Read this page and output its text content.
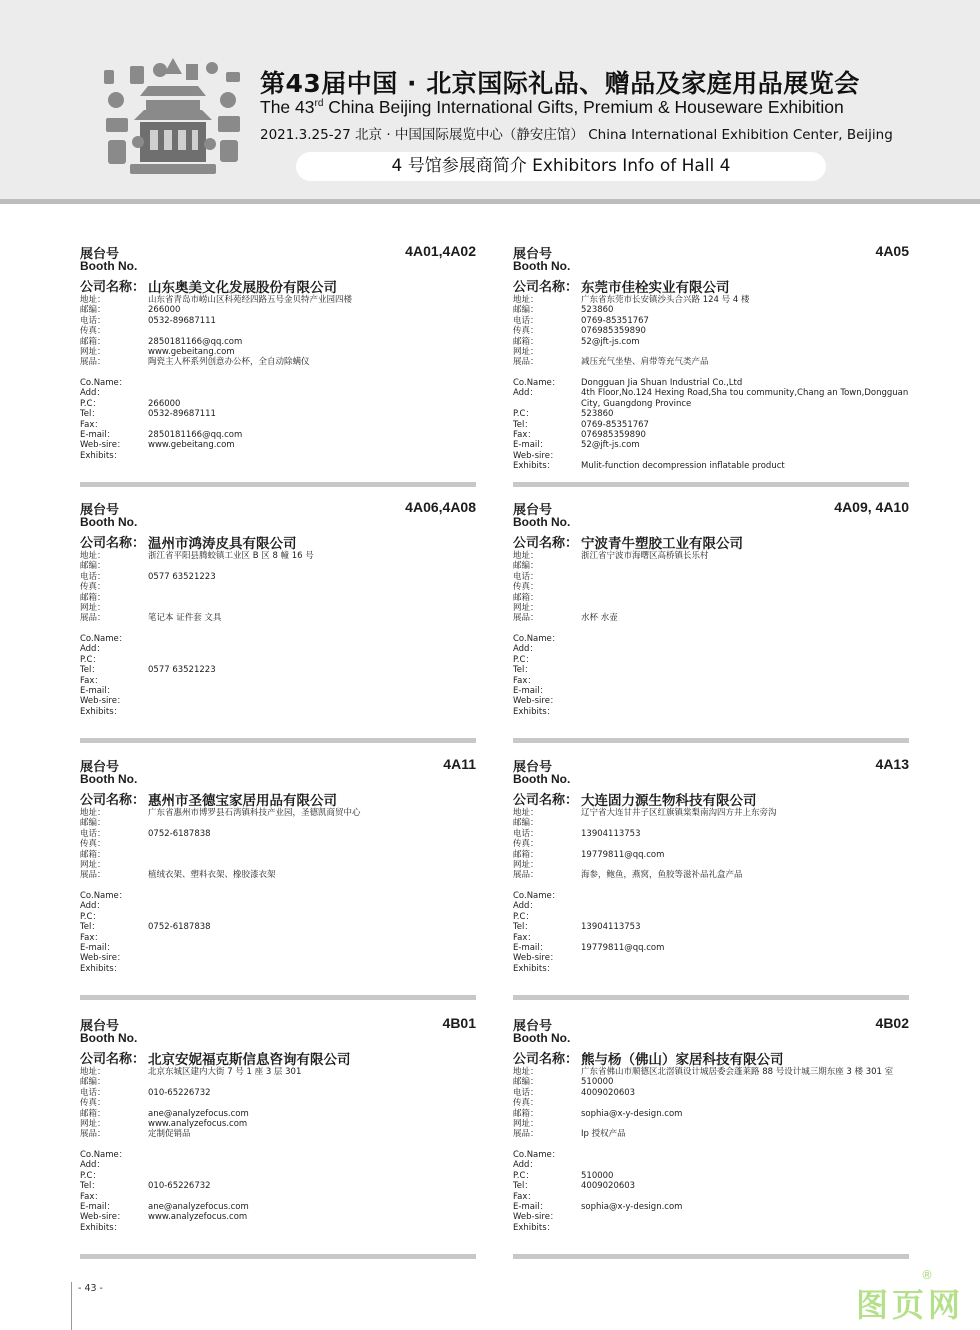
第43届中国 · 北京国际礼品、赠品及家庭用品展览会
The 43rd China Beijing International Gifts, Premium & Houseware Exhibition
2021.3.25-27 北京 · 中国国际展览中心（静安庄馆） China International Exhibition Center, Beijing
4 号馆参展商简介 Exhibitors Info of Hall 4
展台号
Booth No.
4A01,4A02
公司名称： 山东奥美文化发展股份有限公司
地址：	山东省青岛市崂山区科苑经四路五号金贝特产业园四楼
邮编：	266000
电话：	0532-89687111
传真：
邮箱：	2850181166@qq.com
网址：	www.gebeitang.com
展品：	陶瓷主人杯系列创意办公杯，全自动除螨仪
Co.Name：
Add：
P.C：	266000
Tel：	0532-89687111
Fax：
E-mail：	2850181166@qq.com
Web-sire：	www.gebeitang.com
Exhibits：
展台号
Booth No.
4A05
公司名称： 东莞市佳栓实业有限公司
地址：	广东省东莞市长安镇沙头合兴路 124 号 4 楼
邮编：	523860
电话：	0769-85351767
传真：	076985359890
邮箱：	52@jft-js.com
网址：
展品：	减压充气坐垫、肩带等充气类产品
Co.Name：	Dongguan Jia Shuan Industrial Co.,Ltd
Add：	4th Floor,No.124 Hexing Road,Sha tou community,Chang an Town,Dongguan City, Guangdong Province
P.C：	523860
Tel：	0769-85351767
Fax：	076985359890
E-mail：	52@jft-js.com
Web-sire：
Exhibits：	Mulit-function decompression inflatable product
展台号
Booth No.
4A06,4A08
公司名称： 温州市鸿涛皮具有限公司
地址：	浙江省平阳县腾蛟镇工业区 B 区 8 幢 16 号
邮编：
电话：	0577 63521223
传真：
邮箱：
网址：
展品：	笔记本 证件套 文具
Co.Name：
Add：
P.C：
Tel：	0577 63521223
Fax：
E-mail：
Web-sire：
Exhibits：
展台号
Booth No.
4A09, 4A10
公司名称： 宁波青牛塑胶工业有限公司
地址：	浙江省宁波市海曙区高桥镇长乐村
邮编：
电话：
传真：
邮箱：
网址：
展品：	水杯 水壶
Co.Name：
Add：
P.C：
Tel：
Fax：
E-mail：
Web-sire：
Exhibits：
展台号
Booth No.
4A11
公司名称： 惠州市圣德宝家居用品有限公司
地址：	广东省惠州市博罗县石湾镇科技产业园，圣德凯商贸中心
邮编：
电话：	0752-6187838
传真：
邮箱：
网址：
展品：	植绒衣架、塑料衣架、橡胶漆衣架
Co.Name：
Add：
P.C：
Tel：	0752-6187838
Fax：
E-mail：
Web-sire：
Exhibits：
展台号
Booth No.
4A13
公司名称： 大连固力源生物科技有限公司
地址：	辽宁省大连甘井子区红旗镇棠梨南沟四方井上东旁沟
邮编：
电话：	13904113753
传真：
邮箱：	19779811@qq.com
网址：
展品：	海参，鲍鱼，燕窝，鱼胶等滋补品礼盒产品
Co.Name：
Add：
P.C：
Tel：	13904113753
Fax：
E-mail：	19779811@qq.com
Web-sire：
Exhibits：
展台号
Booth No.
4B01
公司名称： 北京安妮福克斯信息咨询有限公司
地址：	北京东城区建内大街 7 号 1 座 3 层 301
邮编：
电话：	010-65226732
传真：
邮箱：	ane@analyzefocus.com
网址：	www.analyzefocus.com
展品：	定制促销品
Co.Name：
Add：
P.C：
Tel：	010-65226732
Fax：
E-mail：	ane@analyzefocus.com
Web-sire：	www.analyzefocus.com
Exhibits：
展台号
Booth No.
4B02
公司名称： 熊与杨（佛山）家居科技有限公司
地址：	广东省佛山市顺德区北滘镇设计城居委会蓬莱路 88 号设计城三期东座 3 楼 301 室
邮编：	510000
电话：	4009020603
传真：
邮箱：	sophia@x-y-design.com
网址：
展品：	Ip 授权产品
Co.Name：
Add：
P.C：	510000
Tel：	4009020603
Fax：
E-mail：	sophia@x-y-design.com
Web-sire：
Exhibits：
- 43 -	图页网
®
